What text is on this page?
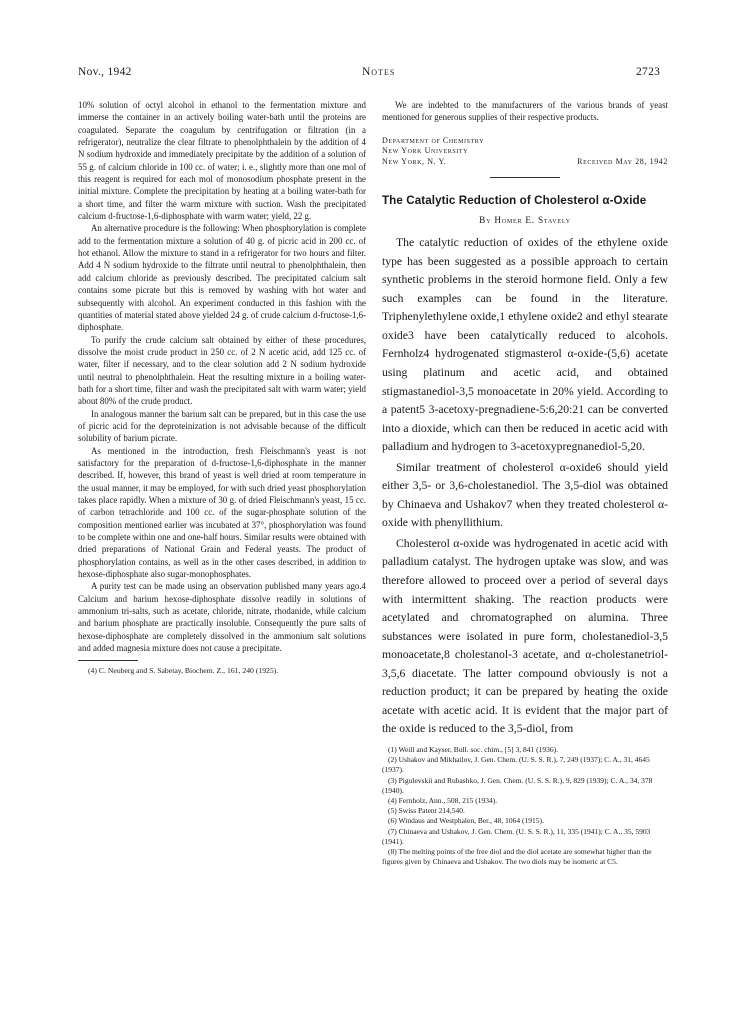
Nov., 1942	Notes	2723

10% solution of octyl alcohol in ethanol to the fermentation mixture and immerse the container in an actively boiling water-bath until the proteins are coagulated. Separate the coagulum by centrifugation or filtration (in a refrigerator), neutralize the clear filtrate to phenolphthalein by the addition of 4 N sodium hydroxide and immediately precipitate by the addition of a solution of 55 g. of calcium chloride in 100 cc. of water; i. e., slightly more than one mol of this reagent is required for each mol of monosodium phosphate present in the initial mixture. Complete the precipitation by heating at a boiling water-bath for a short time, and filter the warm mixture with suction. Wash the precipitated calcium d-fructose-1,6-diphosphate with warm water; yield, 22 g.

An alternative procedure is the following: When phosphorylation is complete add to the fermentation mixture a solution of 40 g. of picric acid in 200 cc. of hot ethanol. Allow the mixture to stand in a refrigerator for two hours and filter. Add 4 N sodium hydroxide to the filtrate until neutral to phenolphthalein, then add calcium chloride as previously described. The precipitated calcium salt contains some picrate but this is removed by washing with hot water and subsequently with alcohol. An experiment conducted in this fashion with the quantities of material stated above yielded 24 g. of crude calcium d-fructose-1,6-diphosphate.

To purify the crude calcium salt obtained by either of these procedures, dissolve the moist crude product in 250 cc. of 2 N acetic acid, add 125 cc. of water, filter if necessary, and to the clear solution add 2 N sodium hydroxide until neutral to phenolphthalein. Heat the resulting mixture in a boiling water-bath for a short time, filter and wash the precipitated salt with warm water; yield about 80% of the crude product.

In analogous manner the barium salt can be prepared, but in this case the use of picric acid for the deproteinization is not advisable because of the difficult solubility of barium picrate.

As mentioned in the introduction, fresh Fleischmann's yeast is not satisfactory for the preparation of d-fructose-1,6-diphosphate in the manner described. If, however, this brand of yeast is well dried at room temperature in the usual manner, it may be employed, for with such dried yeast phosphorylation takes place rapidly. When a mixture of 30 g. of dried Fleischmann's yeast, 15 cc. of carbon tetrachloride and 100 cc. of the sugar-phosphate solution of the composition mentioned earlier was incubated at 37°, phosphorylation was found to be complete within one and one-half hours. Similar results were obtained with dried preparations of National Grain and Federal yeasts. The product of phosphorylation contains, as well as in the other cases described, in addition to hexose-diphosphate also sugar-monophosphates.

A purity test can be made using an observation published many years ago.4 Calcium and barium hexose-diphosphate dissolve readily in solutions of ammonium tri-salts, such as acetate, chloride, nitrate, rhodanide, while calcium and barium phosphate are practically insoluble. Consequently the pure salts of hexose-diphosphate are completely dissolved in the ammonium salt solutions and added magnesia mixture does not cause a precipitate.

(4) C. Neuberg and S. Sabetay, Biochem. Z., 161, 240 (1925).

We are indebted to the manufacturers of the various brands of yeast mentioned for generous supplies of their respective products.

Department of Chemistry
New York University
New York, N. Y.	Received May 28, 1942
The Catalytic Reduction of Cholesterol α-Oxide
By Homer E. Stavely

The catalytic reduction of oxides of the ethylene oxide type has been suggested as a possible approach to certain synthetic problems in the steroid hormone field. Only a few such examples can be found in the literature. Triphenylethylene oxide,1 ethylene oxide2 and ethyl stearate oxide3 have been catalytically reduced to alcohols. Fernholz4 hydrogenated stigmasterol α-oxide-(5,6) acetate using platinum and acetic acid, and obtained stigmastanediol-3,5 monoacetate in 20% yield. According to a patent5 3-acetoxy-pregnadiene-5:6,20:21 can be converted into a dioxide, which can then be reduced in acetic acid with palladium and hydrogen to 3-acetoxypregnanediol-5,20.

Similar treatment of cholesterol α-oxide6 should yield either 3,5- or 3,6-cholestanediol. The 3,5-diol was obtained by Chinaeva and Ushakov7 when they treated cholesterol α-oxide with phenyllithium.

Cholesterol α-oxide was hydrogenated in acetic acid with palladium catalyst. The hydrogen uptake was slow, and was therefore allowed to proceed over a period of several days with intermittent shaking. The reaction products were acetylated and chromatographed on alumina. Three substances were isolated in pure form, cholestanediol-3,5 monoacetate,8 cholestanol-3 acetate, and α-cholestanetriol-3,5,6 diacetate. The latter compound obviously is not a reduction product; it can be prepared by heating the oxide acetate with acetic acid. It is evident that the major part of the oxide is reduced to the 3,5-diol, from

(1) Weill and Kayser, Bull. soc. chim., [5] 3, 841 (1936).

(2) Ushakov and Mikhailov, J. Gen. Chem. (U. S. S. R.), 7, 249 (1937); C. A., 31, 4645 (1937).

(3) Pigulevskii and Rubashko, J. Gen. Chem. (U. S. S. R.), 9, 829 (1939); C. A., 34, 378 (1940).

(4) Fernholz, Ann., 508, 215 (1934).

(5) Swiss Patent 214,540.

(6) Windaus and Westphalen, Ber., 48, 1064 (1915).

(7) Chinaeva and Ushakov, J. Gen. Chem. (U. S. S. R.), 11, 335 (1941); C. A., 35, 5903 (1941).

(8) The melting points of the free diol and the diol acetate are somewhat higher than the figures given by Chinaeva and Ushakov. The two diols may be isomeric at C5.
